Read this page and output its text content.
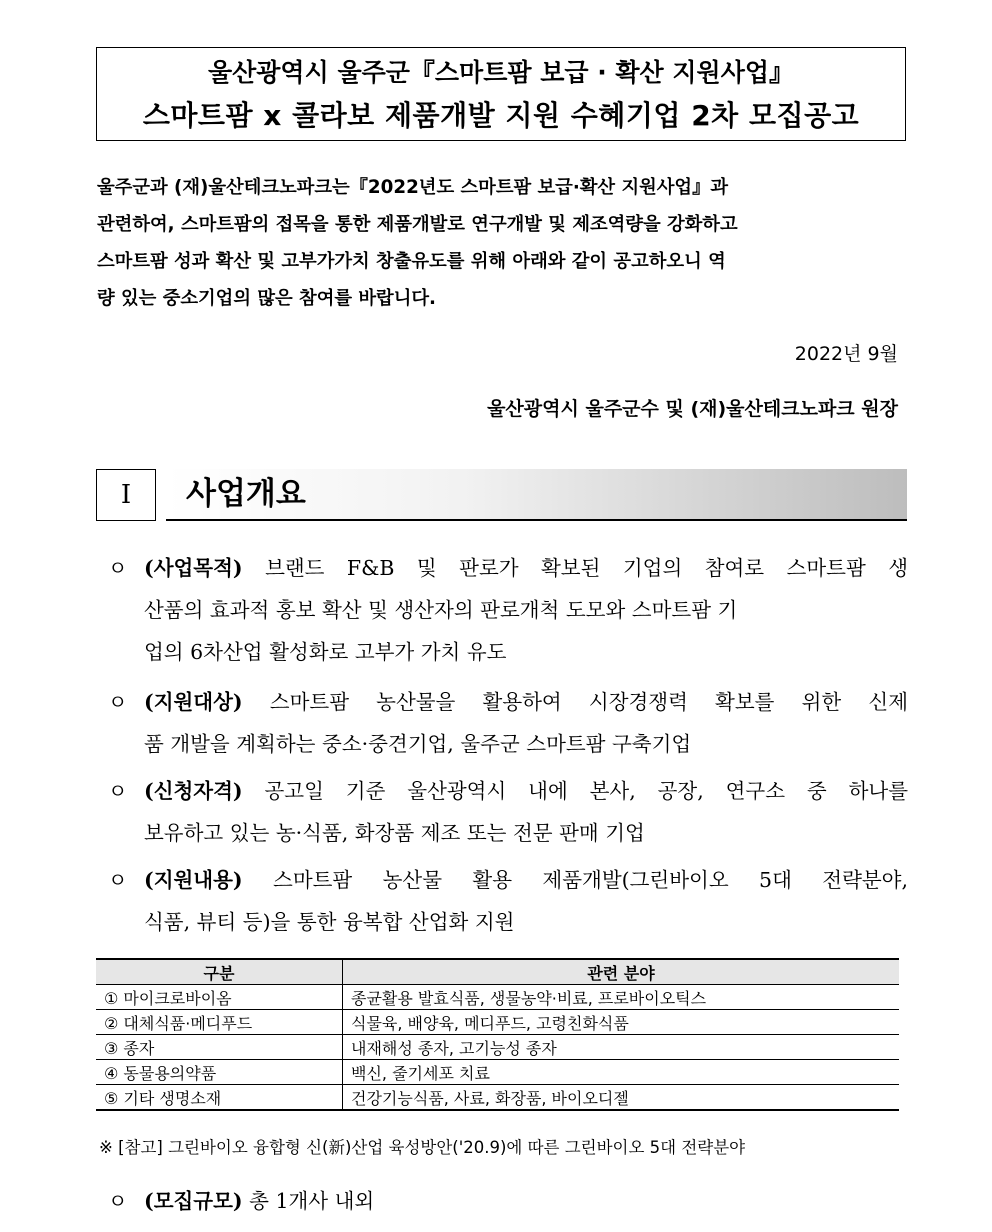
울산광역시 울주군『스마트팜 보급 · 확산 지원사업』
스마트팜 x 콜라보 제품개발 지원 수혜기업 2차 모집공고
울주군과 (재)울산테크노파크는『2022년도 스마트팜 보급·확산 지원사업』과
관련하여, 스마트팜의 접목을 통한 제품개발로 연구개발 및 제조역량을 강화하고
스마트팜 성과 확산 및 고부가가치 창출유도를 위해 아래와 같이 공고하오니 역
량 있는 중소기업의 많은 참여를 바랍니다.
2022년 9월
울산광역시 울주군수 및 (재)울산테크노파크 원장
I	사업개요
ㅇ (사업목적) 브랜드 F&B 및 판로가 확보된 기업의 참여로 스마트팜 생
산품의 효과적 홍보 확산 및 생산자의 판로개척 도모와 스마트팜 기
업의 6차산업 활성화로 고부가 가치 유도
ㅇ (지원대상) 스마트팜 농산물을 활용하여 시장경쟁력 확보를 위한 신제
품 개발을 계획하는 중소·중견기업, 울주군 스마트팜 구축기업
ㅇ (신청자격) 공고일 기준 울산광역시 내에 본사, 공장, 연구소 중 하나를
보유하고 있는 농·식품, 화장품 제조 또는 전문 판매 기업
ㅇ (지원내용) 스마트팜 농산물 활용 제품개발(그린바이오 5대 전략분야,
식품, 뷰티 등)을 통한 융복합 산업화 지원
구분	관련 분야
① 마이크로바이옴	종균활용 발효식품, 생물농약·비료, 프로바이오틱스
② 대체식품·메디푸드	식물육, 배양육, 메디푸드, 고령친화식품
③ 종자	내재해성 종자, 고기능성 종자
④ 동물용의약품	백신, 줄기세포 치료
⑤ 기타 생명소재	건강기능식품, 사료, 화장품, 바이오디젤
※ [참고] 그린바이오 융합형 신(新)산업 육성방안('20.9)에 따른 그린바이오 5대 전략분야
ㅇ (모집규모) 총 1개사 내외
